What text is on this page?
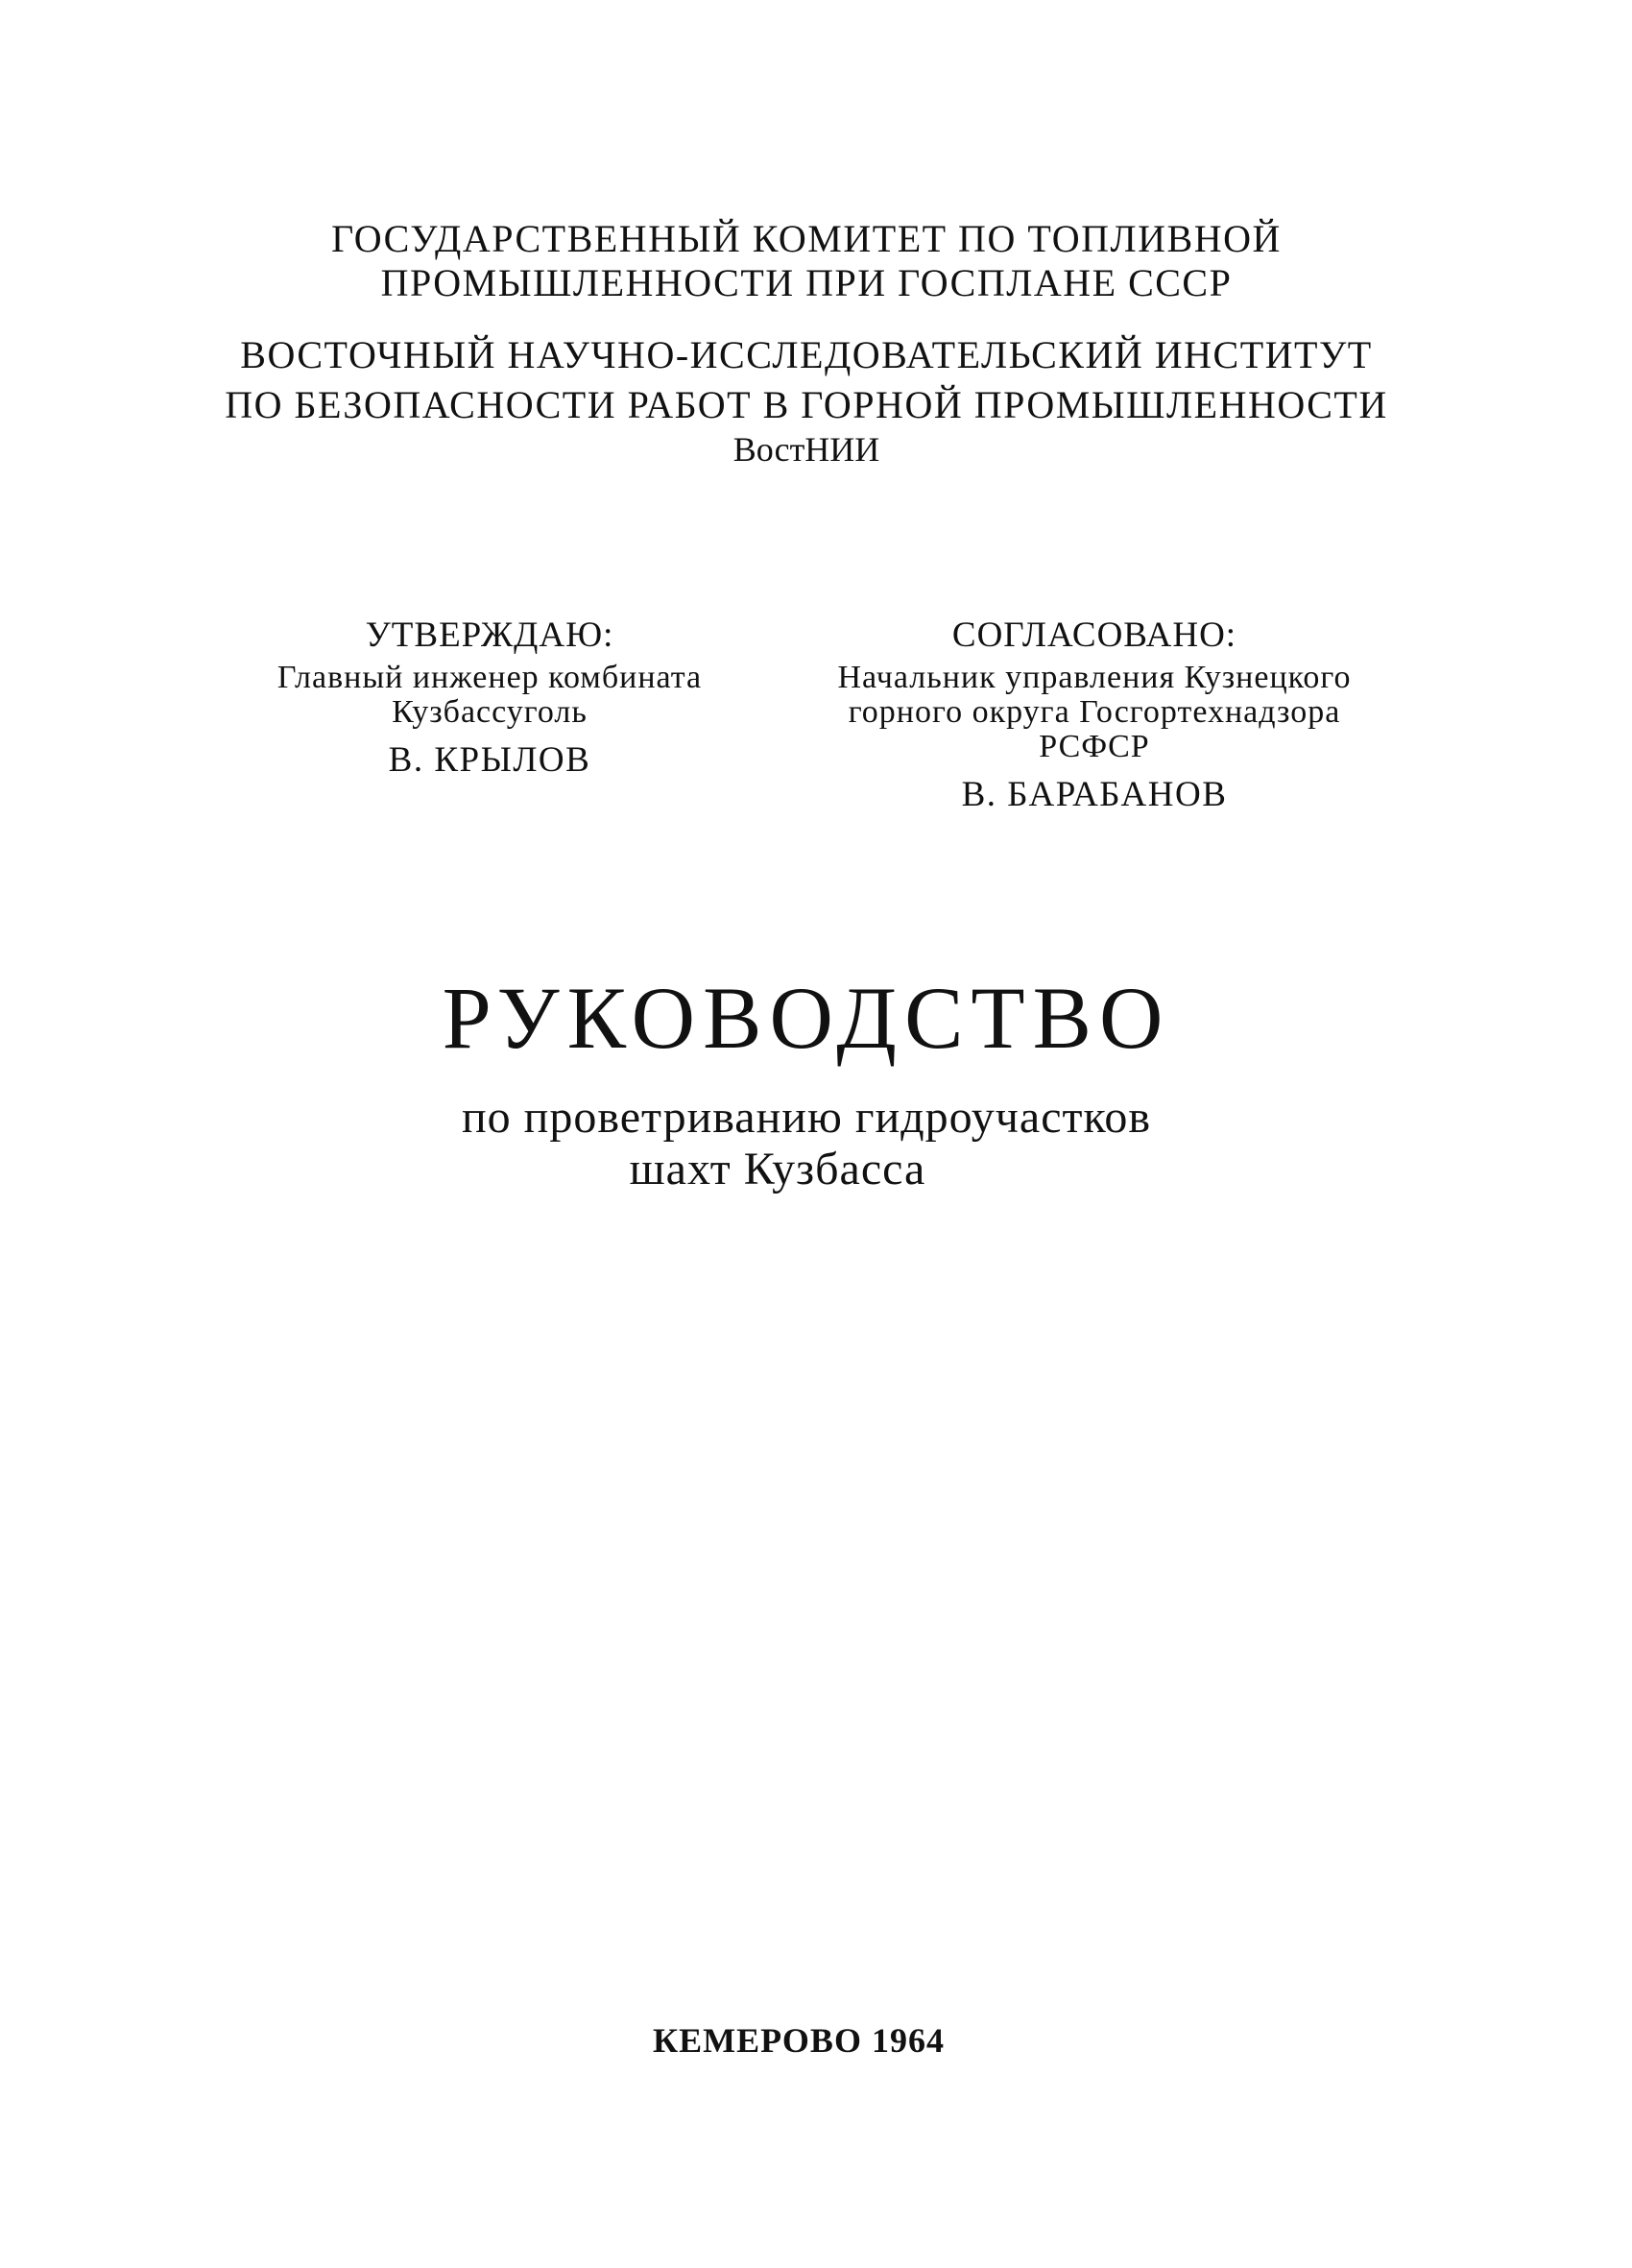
ГОСУДАРСТВЕННЫЙ КОМИТЕТ ПО ТОПЛИВНОЙ
ПРОМЫШЛЕННОСТИ ПРИ ГОСПЛАНЕ СССР
ВОСТОЧНЫЙ НАУЧНО-ИССЛЕДОВАТЕЛЬСКИЙ ИНСТИТУТ
ПО БЕЗОПАСНОСТИ РАБОТ В ГОРНОЙ ПРОМЫШЛЕННОСТИ
ВостНИИ
УТВЕРЖДАЮ:
Главный инженер комбината
Кузбассуголь
В. КРЫЛОВ
СОГЛАСОВАНО:
Начальник управления Кузнецкого
горного округа Госгортехнадзора
РСФСР
В. БАРАБАНОВ
РУКОВОДСТВО
по проветриванию гидроучастков
шахт Кузбасса
КЕМЕРОВО 1964
